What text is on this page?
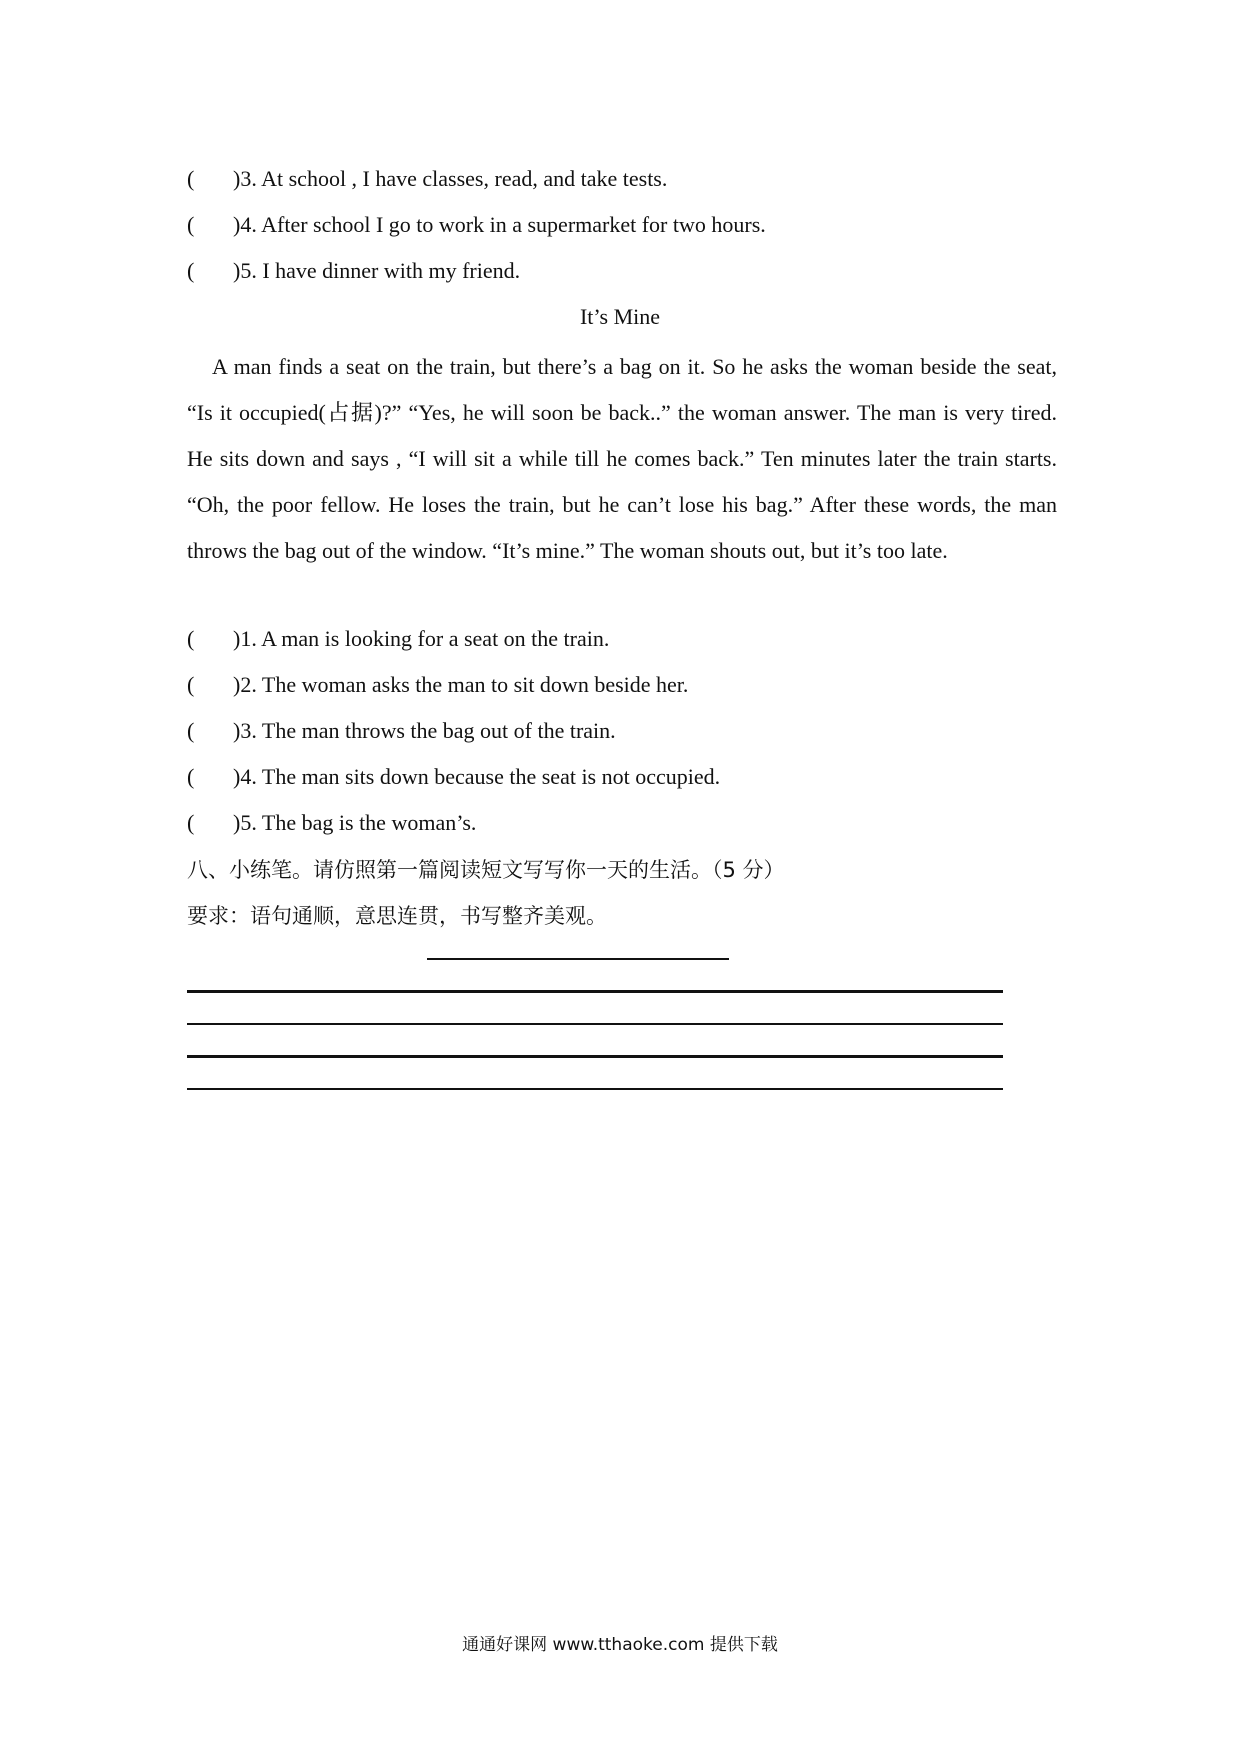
( )3. At school , I have classes, read, and take tests.
( )4. After school I go to work in a supermarket for two hours.
( )5. I have dinner with my friend.
It’s Mine
A man finds a seat on the train, but there’s a bag on it. So he asks the woman beside the seat, “Is it occupied(占据)?” “Yes, he will soon be back..” the woman answer. The man is very tired. He sits down and says , “I will sit a while till he comes back.” Ten minutes later the train starts. “Oh, the poor fellow. He loses the train, but he can’t lose his bag.” After these words, the man throws the bag out of the window. “It’s mine.” The woman shouts out, but it’s too late.
( )1. A man is looking for a seat on the train.
( )2. The woman asks the man to sit down beside her.
( )3. The man throws the bag out of the train.
( )4. The man sits down because the seat is not occupied.
( )5. The bag is the woman’s.
八、小练笔。请仿照第一篇阅读短文写写你一天的生活。（5 分）
要求：语句通顺，意思连贯，书写整齐美观。
通通好课网 www.tthaoke.com 提供下载
